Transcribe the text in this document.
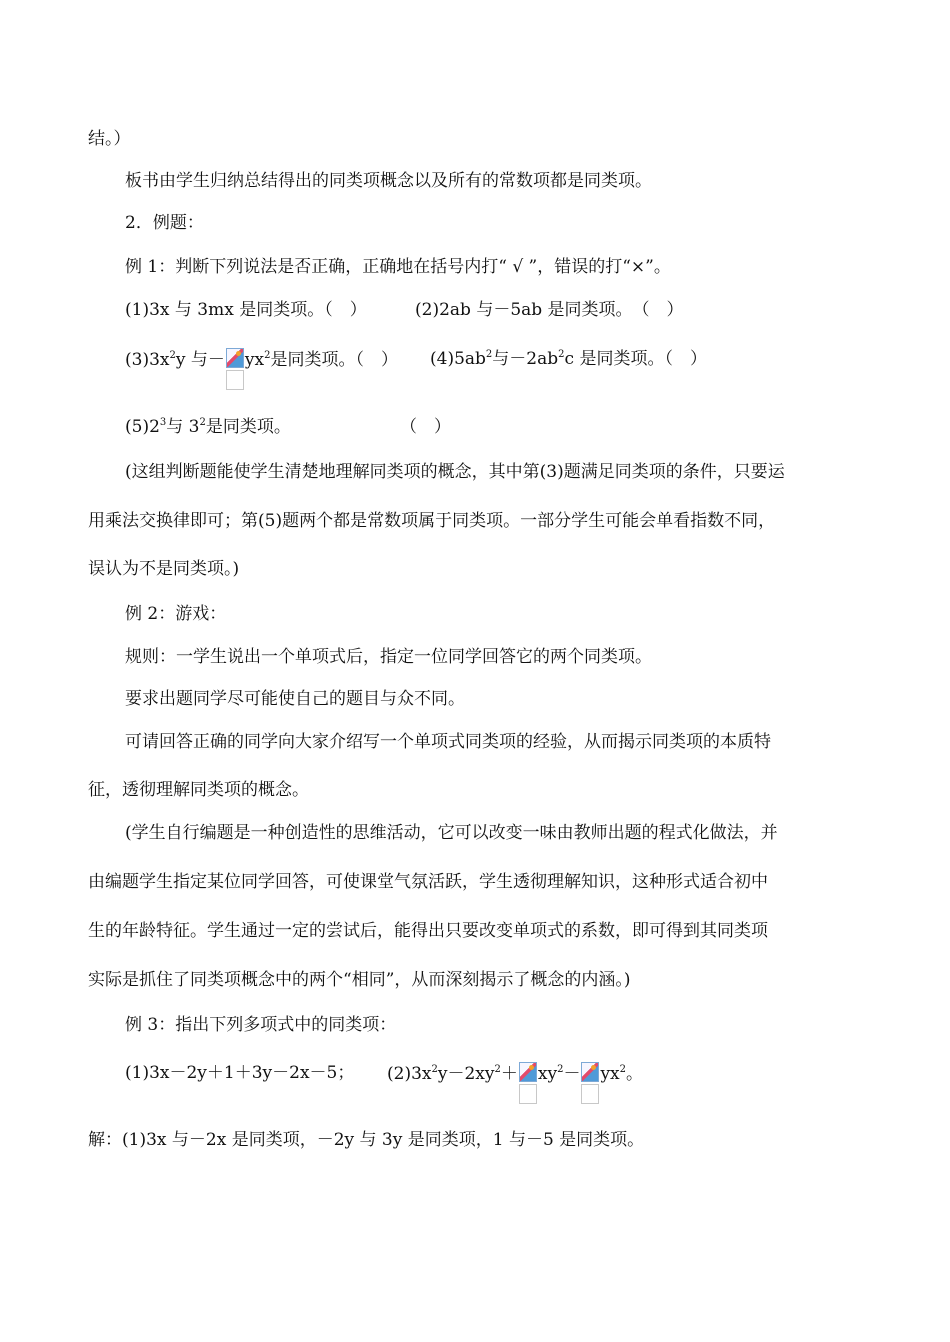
结。）
板书由学生归纳总结得出的同类项概念以及所有的常数项都是同类项。
2．例题：
例 1：判断下列说法是否正确，正确地在括号内打“ √ ”，错误的打“×”。
(1)3x 与 3mx 是同类项。（　）	(2)2ab 与－5ab 是同类项。　（　）
$(3)3x^2y$ 与－ $yx^2$是同类项。（　） $(4)5ab^2$与$-2ab^2c$ 是同类项。（　）
$(5)2^3$与 $3^2$是同类项。	（　）
(这组判断题能使学生清楚地理解同类项的概念，其中第(3)题满足同类项的条件，只要运
用乘法交换律即可；第(5)题两个都是常数项属于同类项。一部分学生可能会单看指数不同，
误认为不是同类项。)
例 2：游戏：
规则：一学生说出一个单项式后，指定一位同学回答它的两个同类项。
要求出题同学尽可能使自己的题目与众不同。
可请回答正确的同学向大家介绍写一个单项式同类项的经验，从而揭示同类项的本质特
征，透彻理解同类项的概念。
(学生自行编题是一种创造性的思维活动，它可以改变一味由教师出题的程式化做法，并
由编题学生指定某位同学回答，可使课堂气氛活跃，学生透彻理解知识，这种形式适合初中
生的年龄特征。学生通过一定的尝试后，能得出只要改变单项式的系数，即可得到其同类项
实际是抓住了同类项概念中的两个“相同”，从而深刻揭示了概念的内涵。)
例 3：指出下列多项式中的同类项：
(1)3x－2y＋1＋3y－2x－5； $(2)3x^2y-2xy^2+ xy^2- yx^2$。
解：(1)3x 与－2x 是同类项，－2y 与 3y 是同类项，1 与－5 是同类项。
